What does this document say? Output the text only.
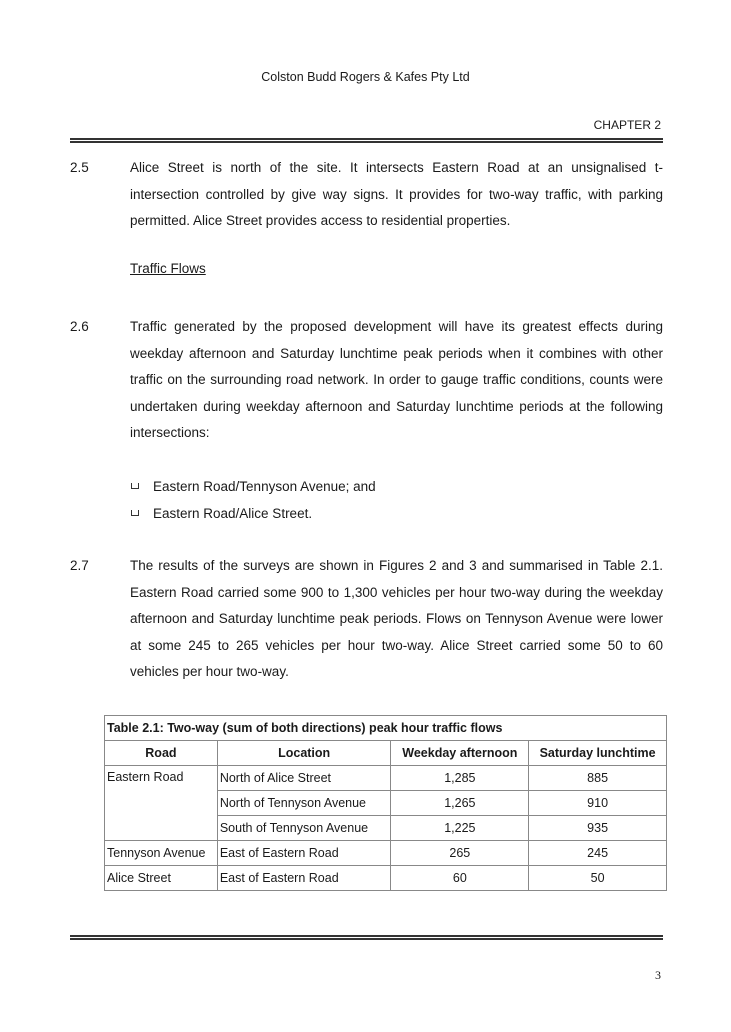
Colston Budd Rogers & Kafes Pty Ltd
CHAPTER 2
2.5	Alice Street is north of the site. It intersects Eastern Road at an unsignalised t-intersection controlled by give way signs. It provides for two-way traffic, with parking permitted. Alice Street provides access to residential properties.
Traffic Flows
2.6	Traffic generated by the proposed development will have its greatest effects during weekday afternoon and Saturday lunchtime peak periods when it combines with other traffic on the surrounding road network. In order to gauge traffic conditions, counts were undertaken during weekday afternoon and Saturday lunchtime periods at the following intersections:
Eastern Road/Tennyson Avenue; and
Eastern Road/Alice Street.
2.7	The results of the surveys are shown in Figures 2 and 3 and summarised in Table 2.1. Eastern Road carried some 900 to 1,300 vehicles per hour two-way during the weekday afternoon and Saturday lunchtime peak periods. Flows on Tennyson Avenue were lower at some 245 to 265 vehicles per hour two-way. Alice Street carried some 50 to 60 vehicles per hour two-way.
Table 2.1: Two-way (sum of both directions) peak hour traffic flows			
Road	Location	Weekday afternoon	Saturday lunchtime
Eastern Road	North of Alice Street	1,285	885
	North of Tennyson Avenue	1,265	910
	South of Tennyson Avenue	1,225	935
Tennyson Avenue	East of Eastern Road	265	245
Alice Street	East of Eastern Road	60	50
3
